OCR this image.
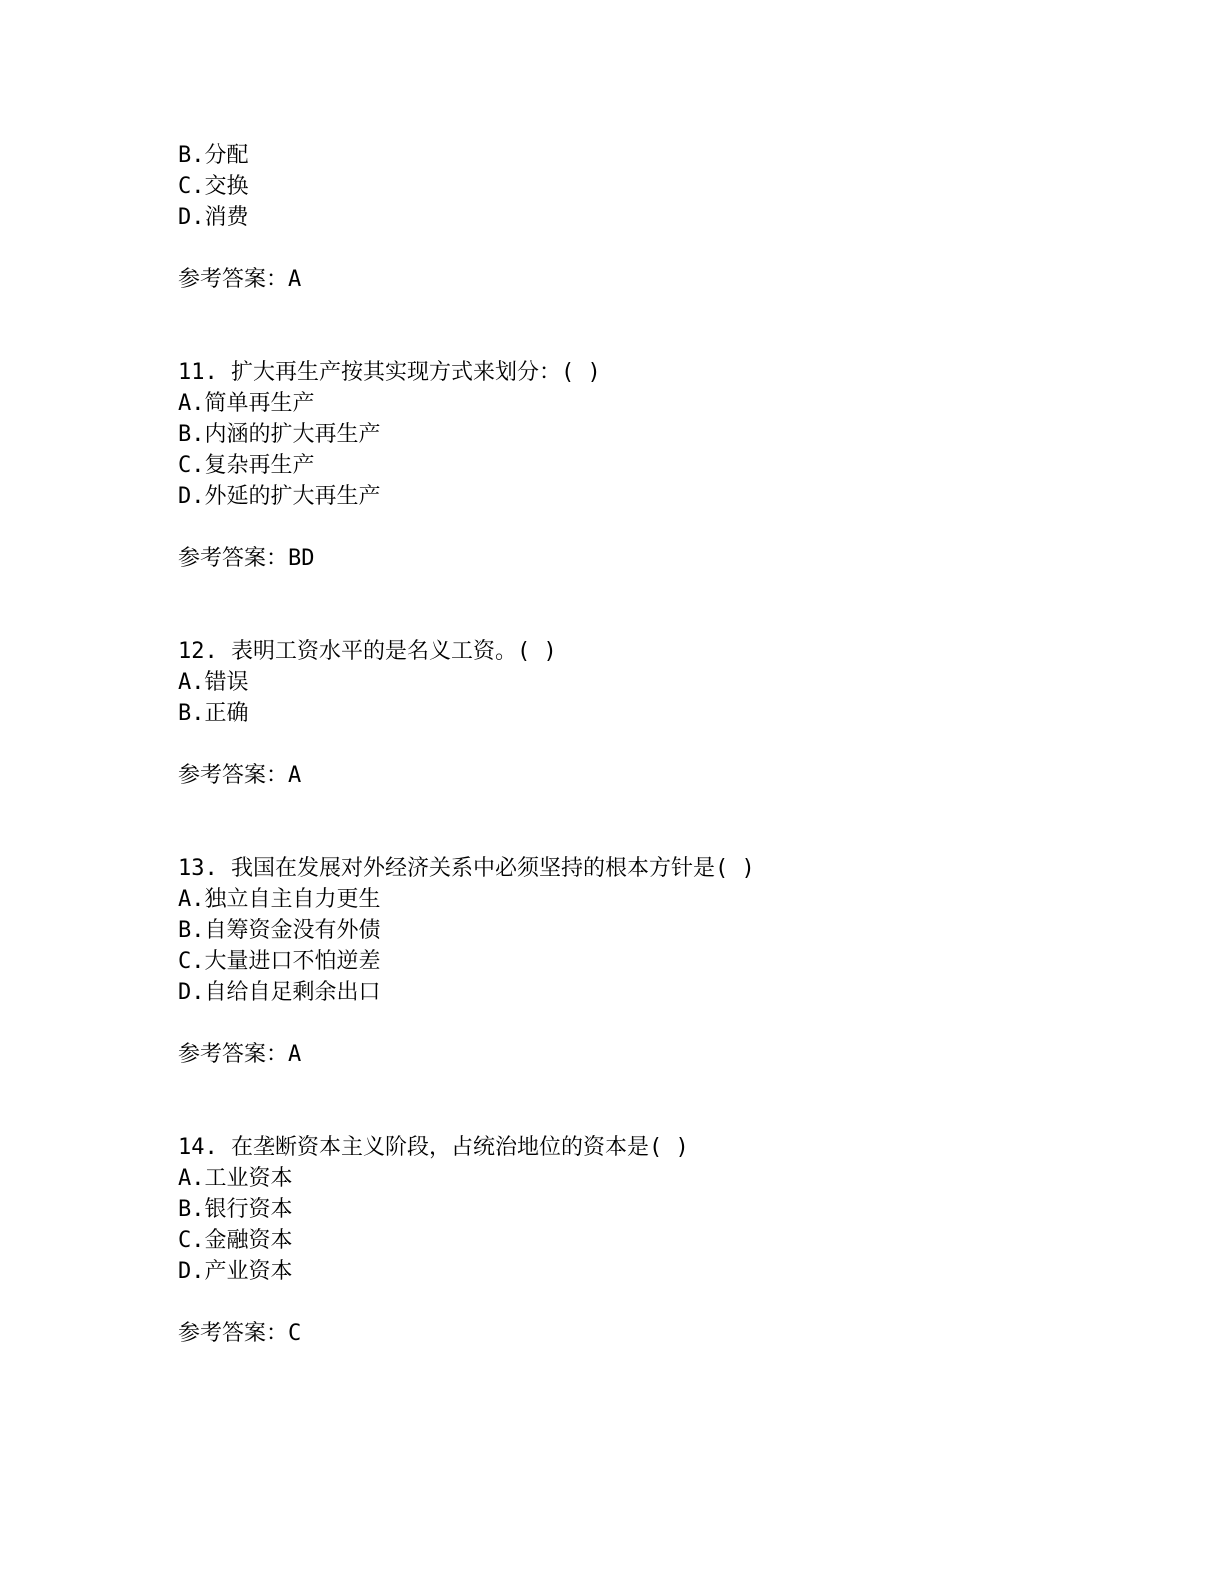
B.分配
C.交换
D.消费
参考答案：A
11. 扩大再生产按其实现方式来划分：( )
A.简单再生产
B.内涵的扩大再生产
C.复杂再生产
D.外延的扩大再生产
参考答案：BD
12. 表明工资水平的是名义工资。( )
A.错误
B.正确
参考答案：A
13. 我国在发展对外经济关系中必须坚持的根本方针是( )
A.独立自主自力更生
B.自筹资金没有外债
C.大量进口不怕逆差
D.自给自足剩余出口
参考答案：A
14. 在垄断资本主义阶段，占统治地位的资本是( )
A.工业资本
B.银行资本
C.金融资本
D.产业资本
参考答案：C
